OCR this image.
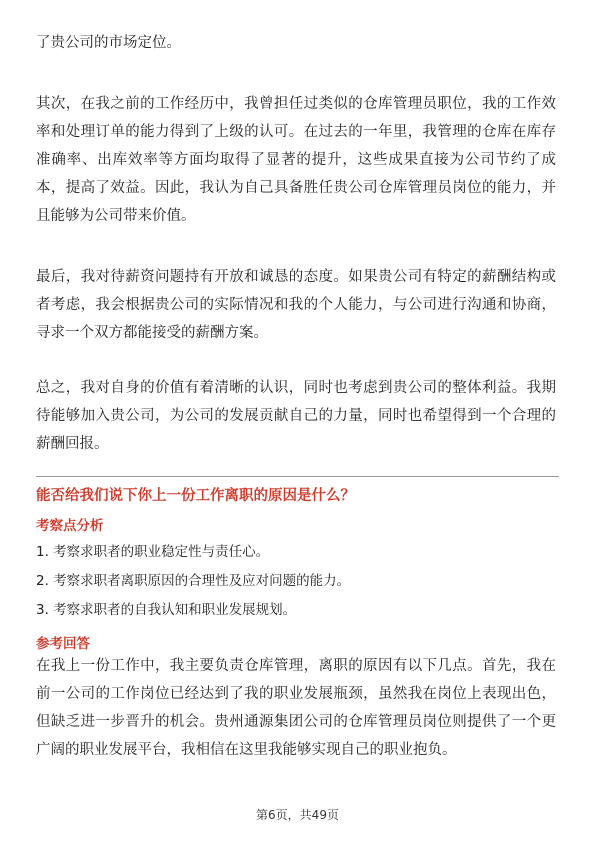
了贵公司的市场定位。

其次，在我之前的工作经历中，我曾担任过类似的仓库管理员职位，我的工作效率和处理订单的能力得到了上级的认可。在过去的一年里，我管理的仓库在库存准确率、出库效率等方面均取得了显著的提升，这些成果直接为公司节约了成本，提高了效益。因此，我认为自己具备胜任贵公司仓库管理员岗位的能力，并且能够为公司带来价值。

最后，我对待薪资问题持有开放和诚恳的态度。如果贵公司有特定的薪酬结构或者考虑，我会根据贵公司的实际情况和我的个人能力，与公司进行沟通和协商，寻求一个双方都能接受的薪酬方案。

总之，我对自身的价值有着清晰的认识，同时也考虑到贵公司的整体利益。我期待能够加入贵公司，为公司的发展贡献自己的力量，同时也希望得到一个合理的薪酬回报。

能否给我们说下你上一份工作离职的原因是什么？

考察点分析

1. 考察求职者的职业稳定性与责任心。
2. 考察求职者离职原因的合理性及应对问题的能力。
3. 考察求职者的自我认知和职业发展规划。

参考回答

在我上一份工作中，我主要负责仓库管理，离职的原因有以下几点。首先，我在前一公司的工作岗位已经达到了我的职业发展瓶颈，虽然我在岗位上表现出色，但缺乏进一步晋升的机会。贵州通源集团公司的仓库管理员岗位则提供了一个更广阔的职业发展平台，我相信在这里我能够实现自己的职业抱负。

第6页，共49页
